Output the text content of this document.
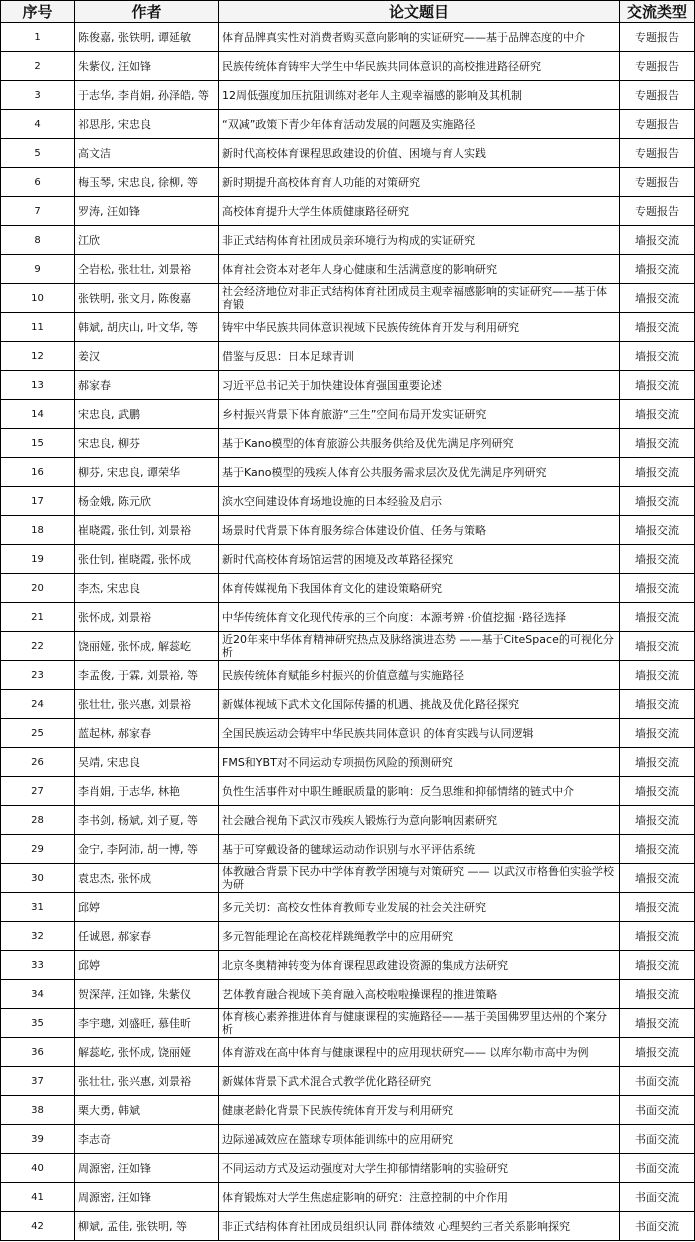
序号	作者	论文题目	交流类型
1	陈俊嘉, 张铁明, 谭延敏	体育品牌真实性对消费者购买意向影响的实证研究——基于品牌态度的中介	专题报告
2	朱紫仪, 汪如锋	民族传统体育铸牢大学生中华民族共同体意识的高校推进路径研究	专题报告
3	于志华, 李肖娟, 孙泽皓, 等	12周低强度加压抗阻训练对老年人主观幸福感的影响及其机制	专题报告
4	祁思彤, 宋忠良	“双减”政策下青少年体育活动发展的问题及实施路径	专题报告
5	高文洁	新时代高校体育课程思政建设的价值、困境与育人实践	专题报告
6	梅玉琴, 宋忠良, 徐柳, 等	新时期提升高校体育育人功能的对策研究	专题报告
7	罗涛, 汪如锋	高校体育提升大学生体质健康路径研究	专题报告
8	江欣	非正式结构体育社团成员亲环境行为构成的实证研究	墙报交流
9	仝岩松, 张壮壮, 刘景裕	体育社会资本对老年人身心健康和生活满意度的影响研究	墙报交流
10	张铁明, 张文月, 陈俊嘉	社会经济地位对非正式结构体育社团成员主观幸福感影响的实证研究——基于体育锻	墙报交流
11	韩斌, 胡庆山, 叶文华, 等	铸牢中华民族共同体意识视域下民族传统体育开发与利用研究	墙报交流
12	姜汉	借鉴与反思：日本足球青训	墙报交流
13	郝家春	习近平总书记关于加快建设体育强国重要论述	墙报交流
14	宋忠良, 武鹏	乡村振兴背景下体育旅游“三生”空间布局开发实证研究	墙报交流
15	宋忠良, 柳芬	基于Kano模型的体育旅游公共服务供给及优先满足序列研究	墙报交流
16	柳芬, 宋忠良, 谭荣华	基于Kano模型的残疾人体育公共服务需求层次及优先满足序列研究	墙报交流
17	杨金娥, 陈元欣	滨水空间建设体育场地设施的日本经验及启示	墙报交流
18	崔晓霞, 张仕钊, 刘景裕	场景时代背景下体育服务综合体建设价值、任务与策略	墙报交流
19	张仕钊, 崔晓霞, 张怀成	新时代高校体育场馆运营的困境及改革路径探究	墙报交流
20	李杰, 宋忠良	体育传媒视角下我国体育文化的建设策略研究	墙报交流
21	张怀成, 刘景裕	中华传统体育文化现代传承的三个向度：本源考辨 ·价值挖掘 ·路径选择	墙报交流
22	饶丽娅, 张怀成, 解蕊屹	近20年来中华体育精神研究热点及脉络演进态势 ——基于CiteSpace的可视化分析	墙报交流
23	李孟俊, 于霖, 刘景裕, 等	民族传统体育赋能乡村振兴的价值意蕴与实施路径	墙报交流
24	张壮壮, 张兴惠, 刘景裕	新媒体视域下武术文化国际传播的机遇、挑战及优化路径探究	墙报交流
25	蓝起林, 郝家春	全国民族运动会铸牢中华民族共同体意识 的体育实践与认同逻辑	墙报交流
26	吴靖, 宋忠良	FMS和YBT对不同运动专项损伤风险的预测研究	墙报交流
27	李肖娟, 于志华, 林艳	负性生活事件对中职生睡眠质量的影响：反刍思维和抑郁情绪的链式中介	墙报交流
28	李书剑, 杨斌, 刘子夏, 等	社会融合视角下武汉市残疾人锻炼行为意向影响因素研究	墙报交流
29	金宁, 李阿沛, 胡一博, 等	基于可穿戴设备的毽球运动动作识别与水平评估系统	墙报交流
30	袁忠杰, 张怀成	体教融合背景下民办中学体育教学困境与对策研究 —— 以武汉市格鲁伯实验学校为研	墙报交流
31	邱婷	多元关切：高校女性体育教师专业发展的社会关注研究	墙报交流
32	任诚恩, 郝家春	多元智能理论在高校花样跳绳教学中的应用研究	墙报交流
33	邱婷	北京冬奥精神转变为体育课程思政建设资源的集成方法研究	墙报交流
34	贺深萍, 汪如锋, 朱紫仪	艺体教育融合视域下美育融入高校啦啦操课程的推进策略	墙报交流
35	李宇璁, 刘盛旺, 慕佳昕	体育核心素养推进体育与健康课程的实施路径——基于美国佛罗里达州的个案分析	墙报交流
36	解蕊屹, 张怀成, 饶丽娅	体育游戏在高中体育与健康课程中的应用现状研究—— 以库尔勒市高中为例	墙报交流
37	张壮壮, 张兴惠, 刘景裕	新媒体背景下武术混合式教学优化路径研究	书面交流
38	栗大勇, 韩斌	健康老龄化背景下民族传统体育开发与利用研究	书面交流
39	李志奇	边际递减效应在篮球专项体能训练中的应用研究	书面交流
40	周源密, 汪如锋	不同运动方式及运动强度对大学生抑郁情绪影响的实验研究	书面交流
41	周源密, 汪如锋	体育锻炼对大学生焦虑症影响的研究：注意控制的中介作用	书面交流
42	柳斌, 孟佳, 张铁明, 等	非正式结构体育社团成员组织认同 群体绩效 心理契约三者关系影响探究	书面交流
